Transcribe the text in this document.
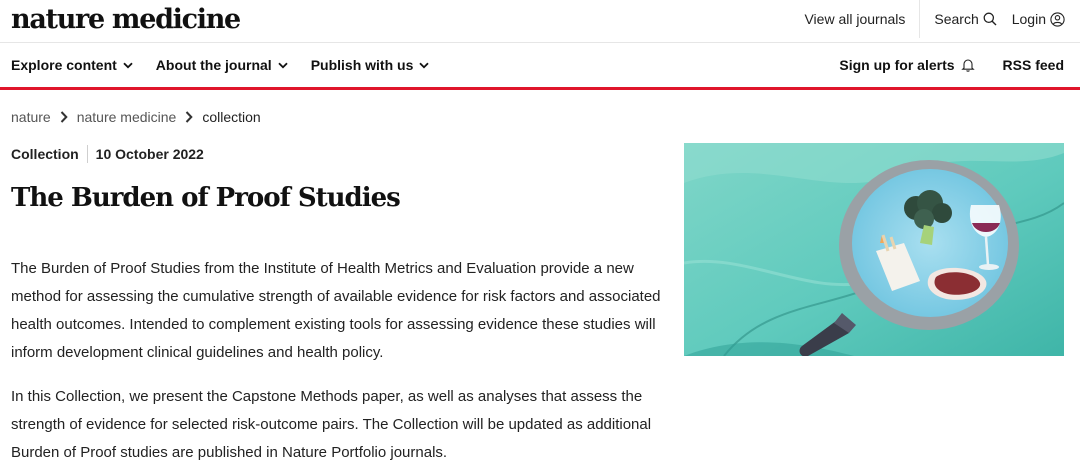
nature medicine	View all journals Search Login
Explore content	About the journal	Publish with us	Sign up for alerts	RSS feed
nature nature medicine collection
Collection 10 October 2022
The Burden of Proof Studies

The Burden of Proof Studies from the Institute of Health Metrics and Evaluation provide a new method for assessing the cumulative strength of available evidence for risk factors and associated health outcomes. Intended to complement existing tools for assessing evidence these studies will inform development clinical guidelines and health policy.

In this Collection, we present the Capstone Methods paper, as well as analyses that assess the strength of evidence for selected risk-outcome pairs. The Collection will be updated as additional Burden of Proof studies are published in Nature Portfolio journals.
